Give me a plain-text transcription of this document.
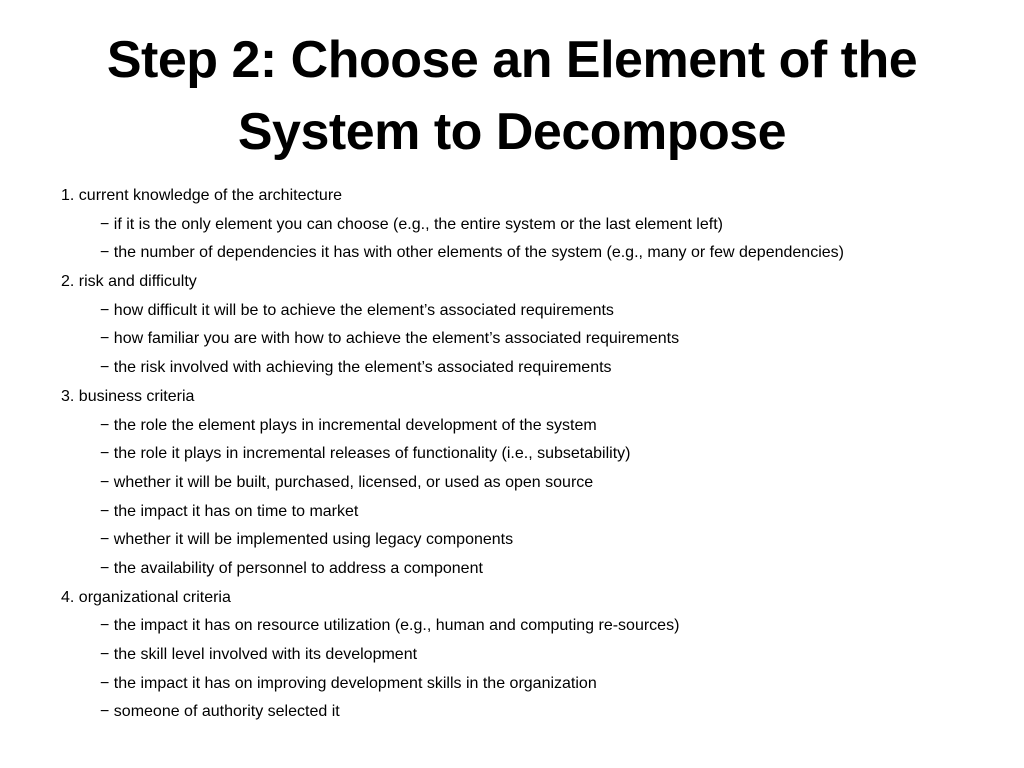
Step 2: Choose an Element of the
System to Decompose
1. current knowledge of the architecture
− if it is the only element you can choose (e.g., the entire system or the last element left)
− the number of dependencies it has with other elements of the system (e.g., many or few dependencies)
2. risk and difficulty
− how difficult it will be to achieve the element’s associated requirements
− how familiar you are with how to achieve the element’s associated requirements
− the risk involved with achieving the element’s associated requirements
3. business criteria
− the role the element plays in incremental development of the system
− the role it plays in incremental releases of functionality (i.e., subsetability)
− whether it will be built, purchased, licensed, or used as open source
− the impact it has on time to market
− whether it will be implemented using legacy components
− the availability of personnel to address a component
4. organizational criteria
− the impact it has on resource utilization (e.g., human and computing re-sources)
− the skill level involved with its development
− the impact it has on improving development skills in the organization
− someone of authority selected it
